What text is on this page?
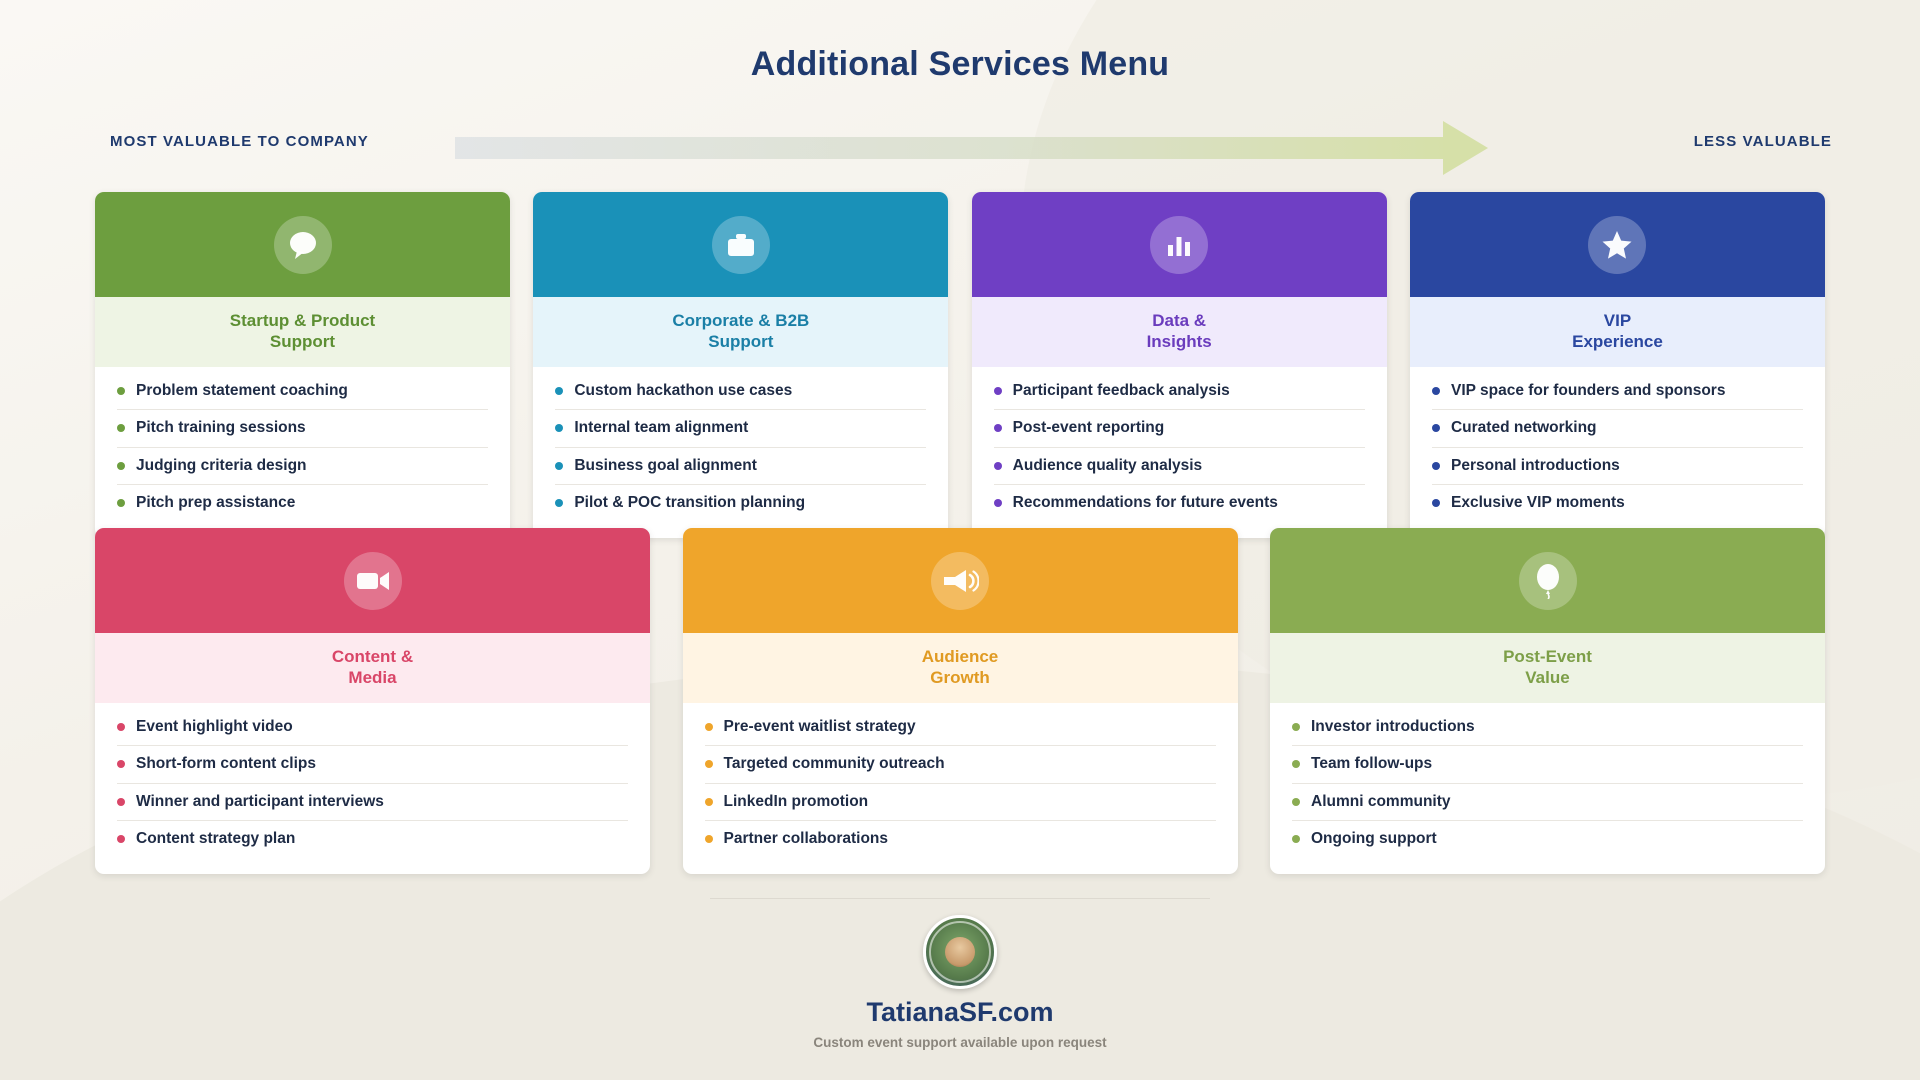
Additional Services Menu
MOST VALUABLE TO COMPANY	LESS VALUABLE
Startup & Product
Support
Problem statement coaching
Pitch training sessions
Judging criteria design
Pitch prep assistance
Corporate & B2B
Support
Custom hackathon use cases
Internal team alignment
Business goal alignment
Pilot & POC transition planning
Data &
Insights
Participant feedback analysis
Post-event reporting
Audience quality analysis
Recommendations for future events
VIP
Experience
VIP space for founders and sponsors
Curated networking
Personal introductions
Exclusive VIP moments
Content &
Media
Event highlight video
Short-form content clips
Winner and participant interviews
Content strategy plan
Audience
Growth
Pre-event waitlist strategy
Targeted community outreach
LinkedIn promotion
Partner collaborations
Post-Event
Value
Investor introductions
Team follow-ups
Alumni community
Ongoing support
TatianaSF.com
Custom event support available upon request
